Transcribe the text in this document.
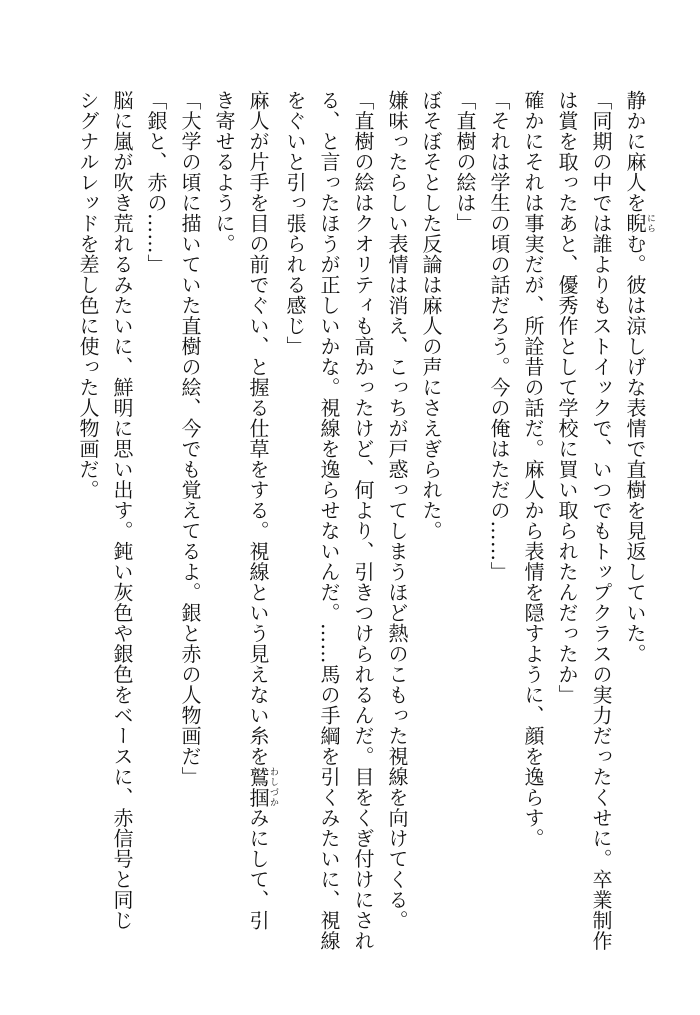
静かに麻人を睨にらむ。彼は涼しげな表情で直樹を見返していた。

「同期の中では誰よりもストイックで、いつでもトップクラスの実力だったくせに。卒業制作

は賞を取ったあと、優秀作として学校に買い取られたんだったか」

確かにそれは事実だが、所詮昔の話だ。麻人から表情を隠すように、顔を逸らす。

「それは学生の頃の話だろう。今の俺はただの……」

「直樹の絵は」

ぼそぼそとした反論は麻人の声にさえぎられた。

嫌味ったらしい表情は消え、こっちが戸惑ってしまうほど熱のこもった視線を向けてくる。

「直樹の絵はクオリティも高かったけど、何より、引きつけられるんだ。目をくぎ付けにされ

る、と言ったほうが正しいかな。視線を逸らせないんだ。……馬の手綱を引くみたいに、視線

をぐいと引っ張られる感じ」

麻人が片手を目の前でぐい、と握る仕草をする。視線という見えない糸を鷲掴わしづかみにして、引

き寄せるように。

「大学の頃に描いていた直樹の絵、今でも覚えてるよ。銀と赤の人物画だ」

「銀と、赤の……」

脳に嵐が吹き荒れるみたいに、鮮明に思い出す。鈍い灰色や銀色をベースに、赤信号と同じ

シグナルレッドを差し色に使った人物画だ。
